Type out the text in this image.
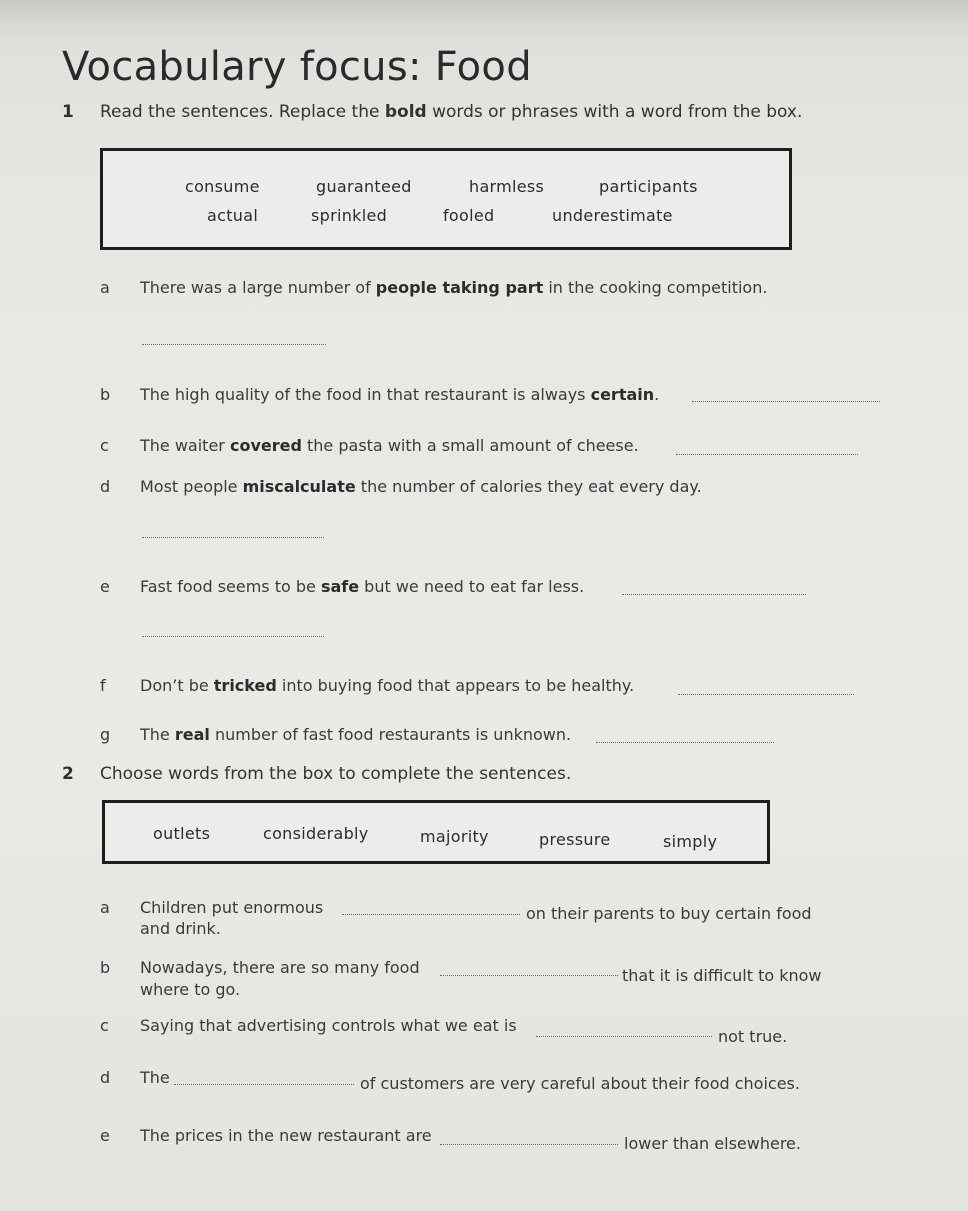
Vocabulary focus: Food
1 Read the sentences. Replace the bold words or phrases with a word from the box.
consume	guaranteed	harmless	participants
actual	sprinkled	fooled	underestimate
a There was a large number of people taking part in the cooking competition.
b The high quality of the food in that restaurant is always certain.
c The waiter covered the pasta with a small amount of cheese.
d Most people miscalculate the number of calories they eat every day.
e Fast food seems to be safe but we need to eat far less.
f Don’t be tricked into buying food that appears to be healthy.
g The real number of fast food restaurants is unknown.
2 Choose words from the box to complete the sentences.
outlets	considerably	majority	pressure	simply
a Children put enormous	on their parents to buy certain food
and drink.
b Nowadays, there are so many food	that it is difficult to know
where to go.
c Saying that advertising controls what we eat is
not true.
d The	of customers are very careful about their food choices.
e The prices in the new restaurant are	lower than elsewhere.
